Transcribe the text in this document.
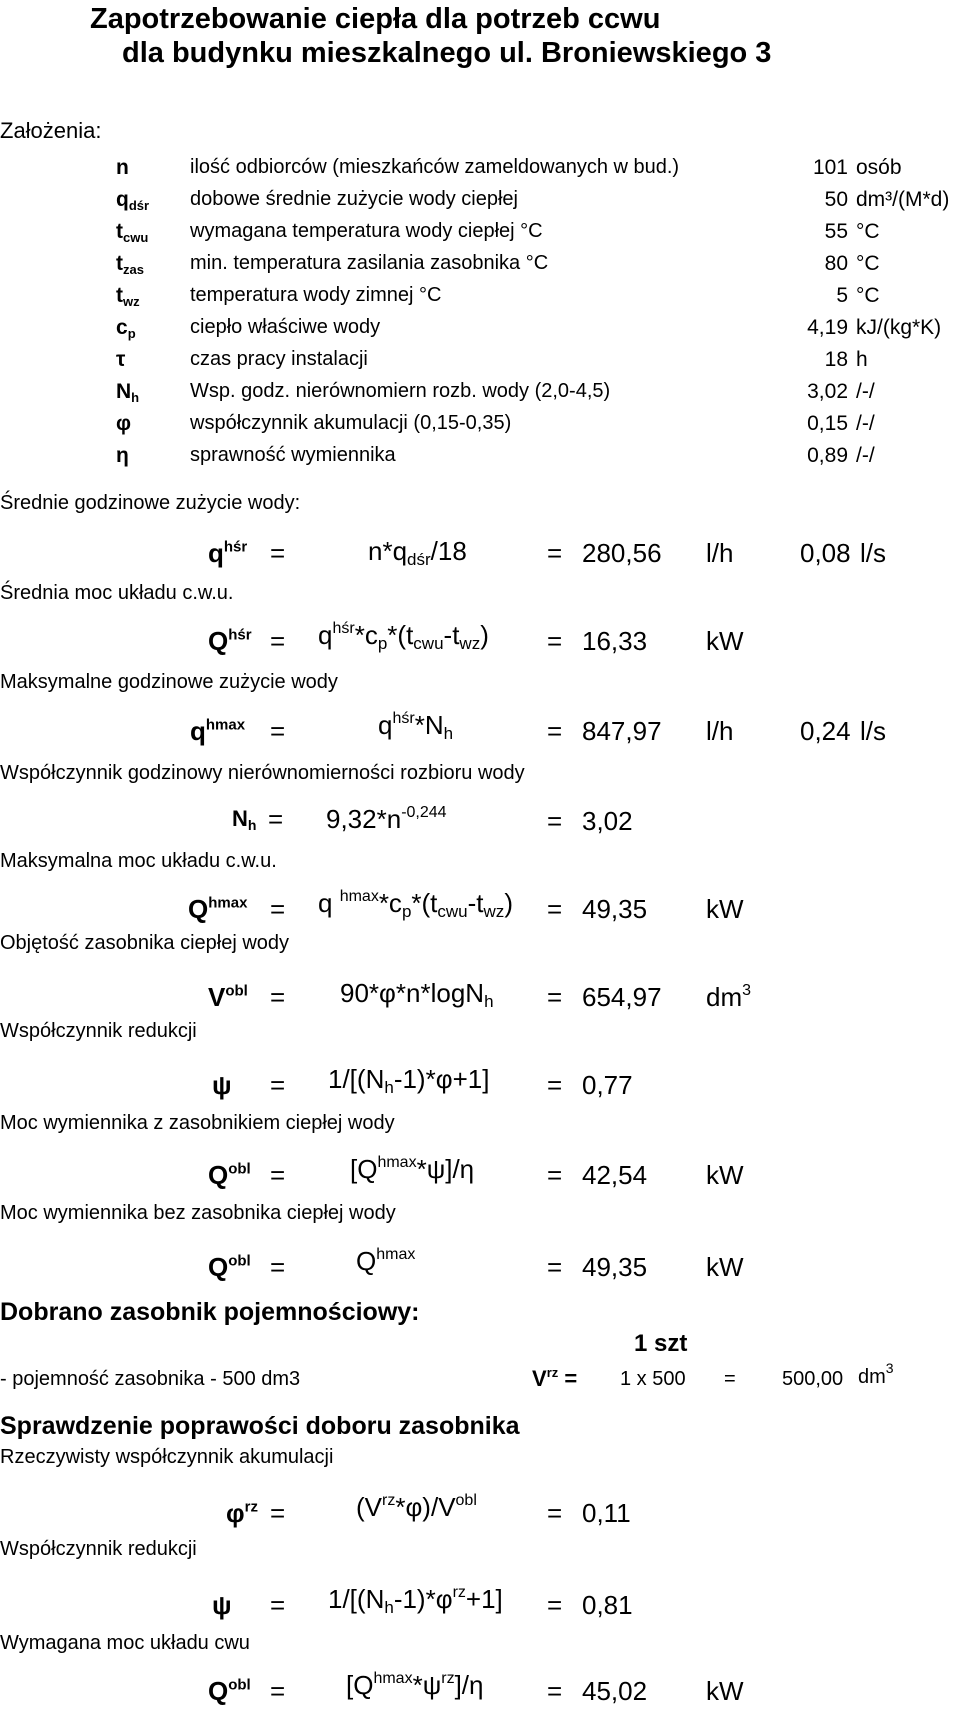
Zapotrzebowanie ciepła dla potrzeb ccwu
dla budynku mieszkalnego ul. Broniewskiego 3
Założenia:
n	ilość odbiorców (mieszkańców zameldowanych w bud.)	101 osób
$q_{dśr}$ dobowe średnie zużycie wody ciepłej	50 dm³/(M*d)
$t_{cwu}$ wymagana temperatura wody ciepłej °C	55 °C
$t_{zas}$ min. temperatura zasilania zasobnika °C	80 °C
$t_{wz}$	temperatura wody zimnej °C	5 °C
$c_p$	ciepło właściwe wody	4,19 kJ/(kg*K)
τ	czas pracy instalacji	18 h
$N_h$	Wsp. godz. nierównomiern rozb. wody (2,0-4,5)	3,02 /-/
φ	współczynnik akumulacji (0,15-0,35)	0,15 /-/
η	sprawność wymiennika	0,89 /-/
Średnie godzinowe zużycie wody:
$q^{hśr}$ =	$n*q_{dśr}/18$	= 280,56 l/h	0,08 l/s
Średnia moc układu c.w.u.
$Q^{hśr} = q^{hśr}*c_p*(t_{cwu}-t_{wz}) = 16,33$ kW
Maksymalne godzinowe zużycie wody
$q^{hmax}$ =	$q^{hśr}*N_h$	= 847,97 l/h	0,24 l/s
Współczynnik godzinowy nierównomierności rozbioru wody
$N_h = 9,32*n^{-0,244}$	= 3,02
Maksymalna moc układu c.w.u.
$Q^{hmax} = q$ $^{hmax}*c_p*(t_{cwu}-t_{wz}) = 49,35$ kW
Objętość zasobnika ciepłej wody
$V^{obl} = 90*\varphi*n*\log N_h = 654,97$ $dm^3$
Współczynnik redukcji
$\psi = 1/[(N_h-1)*\varphi+1] = 0,77$
Moc wymiennika z zasobnikiem ciepłej wody
$Q^{obl} = [Q^{hmax}*\psi]/\eta$	= 42,54 kW
Moc wymiennika bez zasobnika ciepłej wody
$Q^{obl}$ =	$Q^{hmax}$	= 49,35 kW
Dobrano zasobnik pojemnościowy:
1 szt
- pojemność zasobnika - 500 dm3	$V^{rz} = 1$ x 500 = 500,00 $dm^3$
Sprawdzenie poprawości doboru zasobnika
Rzeczywisty współczynnik akumulacji
$\varphi^{rz}$ =	$(V^{rz}*\varphi)/V^{obl}$	= 0,11
Współczynnik redukcji
$\psi = 1/[(N_h-1)*\varphi^{rz}+1] = 0,81$
Wymagana moc układu cwu
$Q^{obl} = [Q^{hmax}*\psi^{rz}]/\eta = 45,02$ kW
